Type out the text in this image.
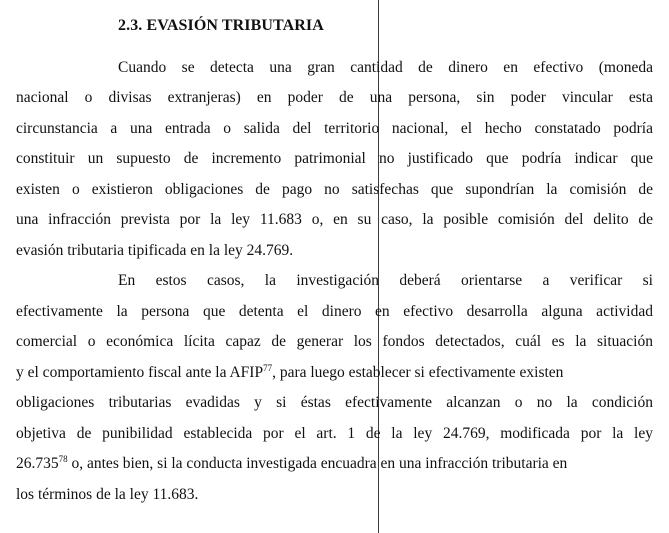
2.3. EVASIÓN TRIBUTARIA

Cuando se detecta una gran cantidad de dinero en efectivo (moneda

nacional o divisas extranjeras) en poder de una persona, sin poder vincular esta

circunstancia a una entrada o salida del territorio nacional, el hecho constatado podría

constituir un supuesto de incremento patrimonial no justificado que podría indicar que

existen o existieron obligaciones de pago no satisfechas que supondrían la comisión de

una infracción prevista por la ley 11.683 o, en su caso, la posible comisión del delito de

evasión tributaria tipificada en la ley 24.769.

En estos casos, la investigación deberá orientarse a verificar si

efectivamente la persona que detenta el dinero en efectivo desarrolla alguna actividad

comercial o económica lícita capaz de generar los fondos detectados, cuál es la situación

y el comportamiento fiscal ante la AFIP$^{77}$, para luego establecer si efectivamente existen

obligaciones tributarias evadidas y si éstas efectivamente alcanzan o no la condición

objetiva de punibilidad establecida por el art. 1 de la ley 24.769, modificada por la ley

26.735$^{78}$ o, antes bien, si la conducta investigada encuadra en una infracción tributaria en

los términos de la ley 11.683.
